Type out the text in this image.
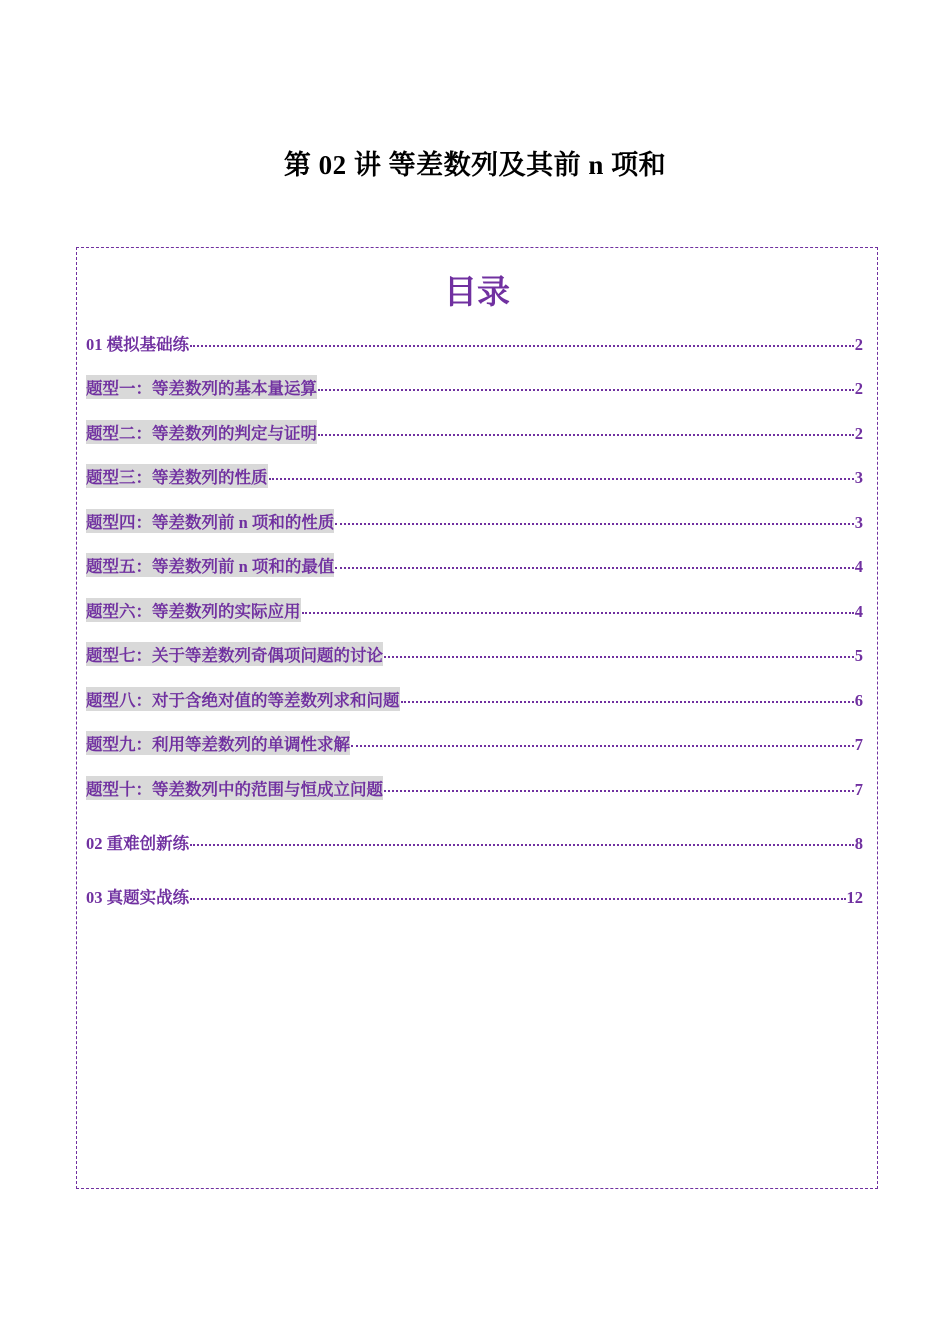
第 02 讲 等差数列及其前 n 项和
目录
01 模拟基础练	2
题型一：等差数列的基本量运算	2
题型二：等差数列的判定与证明	2
题型三：等差数列的性质	3
题型四：等差数列前 n 项和的性质	3
题型五：等差数列前 n 项和的最值	4
题型六：等差数列的实际应用	4
题型七：关于等差数列奇偶项问题的讨论	5
题型八：对于含绝对值的等差数列求和问题	6
题型九：利用等差数列的单调性求解	7
题型十：等差数列中的范围与恒成立问题	7
02 重难创新练	8
03 真题实战练	12
